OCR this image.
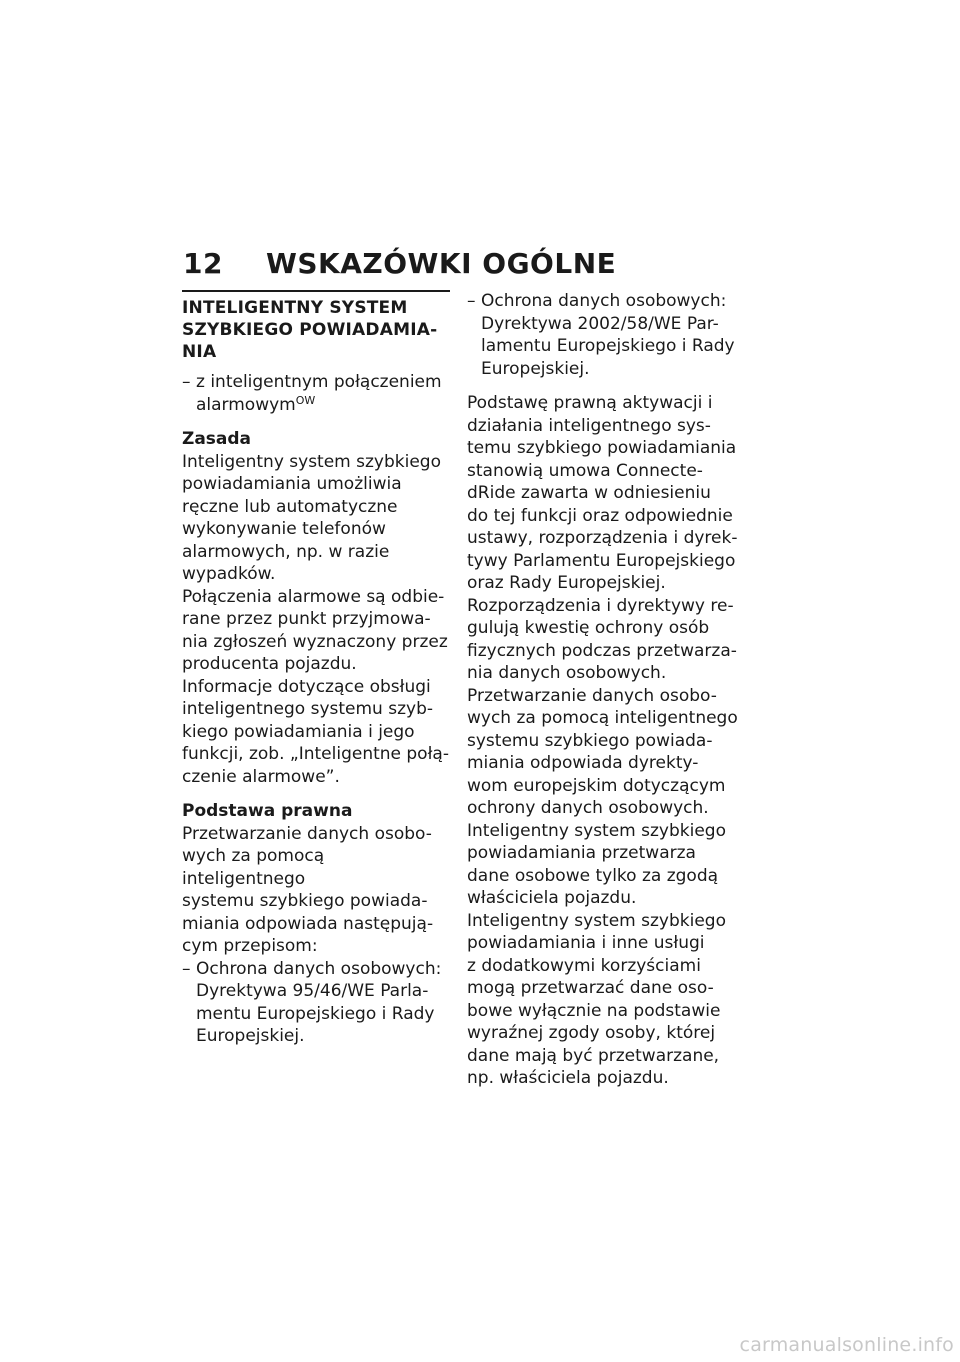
12	WSKAZÓWKI OGÓLNE
INTELIGENTNY SYSTEM
SZYBKIEGO POWIADAMIA-
NIA
– z inteligentnym połączeniem

alarmowym$^{OW}$

Zasada

Inteligentny system szybkiego

powiadamiania umożliwia

ręczne lub automatyczne

wykonywanie telefonów

alarmowych, np. w razie

wypadków.

Połączenia alarmowe są odbie-

rane przez punkt przyjmowa-

nia zgłoszeń wyznaczony przez

producenta pojazdu.

Informacje dotyczące obsługi

inteligentnego systemu szyb-

kiego powiadamiania i jego

funkcji, zob. „Inteligentne połą-

czenie alarmowe”.

Podstawa prawna

Przetwarzanie danych osobo-

wych za pomocą inteligentnego

systemu szybkiego powiada-

miania odpowiada następują-

cym przepisom:

– Ochrona danych osobowych:

Dyrektywa 95/46/WE Parla-

mentu Europejskiego i Rady

Europejskiej.

– Ochrona danych osobowych:

Dyrektywa 2002/58/WE Par-

lamentu Europejskiego i Rady

Europejskiej.

Podstawę prawną aktywacji i

działania inteligentnego sys-

temu szybkiego powiadamiania

stanowią umowa Connecte-

dRide zawarta w odniesieniu

do tej funkcji oraz odpowiednie

ustawy, rozporządzenia i dyrek-

tywy Parlamentu Europejskiego

oraz Rady Europejskiej.

Rozporządzenia i dyrektywy re-

gulują kwestię ochrony osób

fizycznych podczas przetwarza-

nia danych osobowych.

Przetwarzanie danych osobo-

wych za pomocą inteligentnego

systemu szybkiego powiada-

miania odpowiada dyrekty-

wom europejskim dotyczącym

ochrony danych osobowych.

Inteligentny system szybkiego

powiadamiania przetwarza

dane osobowe tylko za zgodą

właściciela pojazdu.

Inteligentny system szybkiego

powiadamiania i inne usługi

z dodatkowymi korzyściami

mogą przetwarzać dane oso-

bowe wyłącznie na podstawie

wyraźnej zgody osoby, której

dane mają być przetwarzane,

np. właściciela pojazdu.

carmanualsonline.info
